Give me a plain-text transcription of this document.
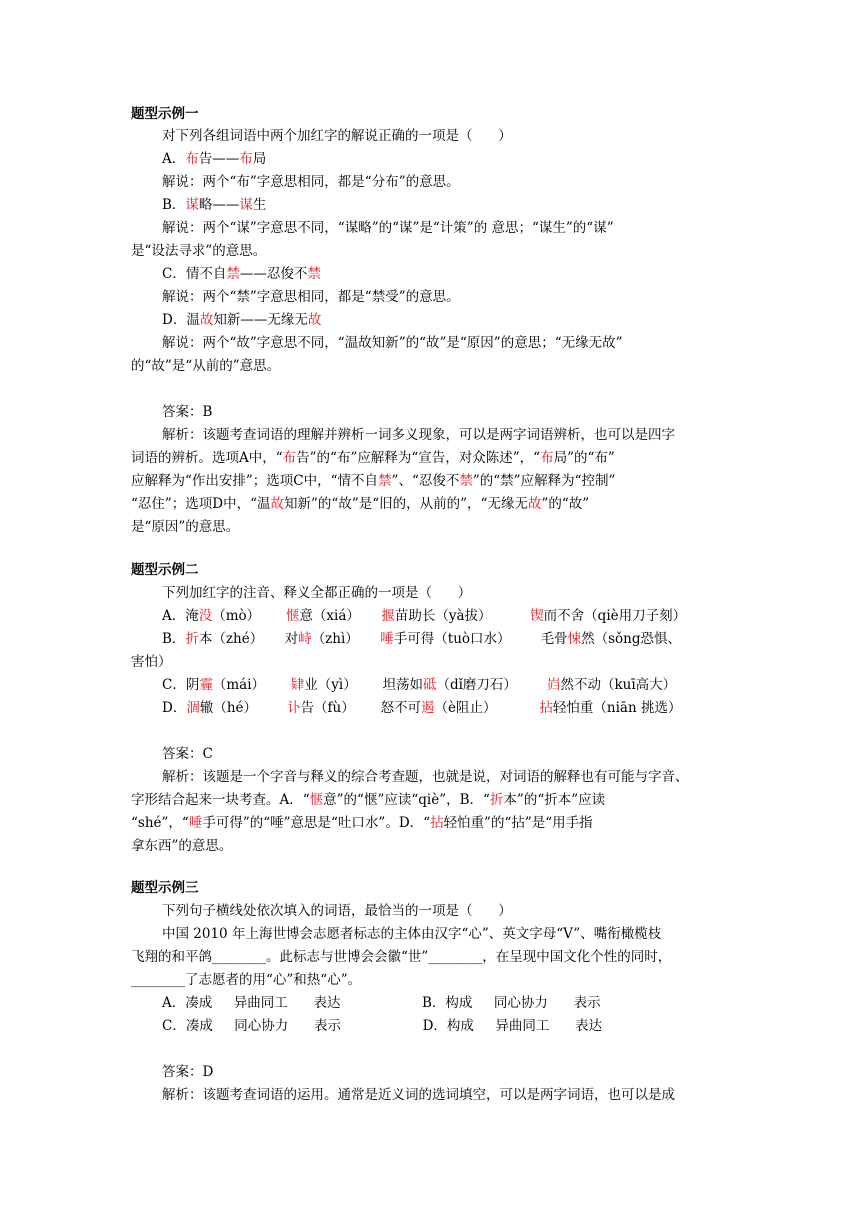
题型示例一
对下列各组词语中两个加红字的解说正确的一项是（      ）
A．布告——布局
解说：两个“布”字意思相同，都是“分布”的意思。
B．谋略——谋生
解说：两个“谋”字意思不同，“谋略”的“谋”是“计策”的 意思；“谋生”的“谋”
是“设法寻求”的意思。
C．情不自禁——忍俊不禁
解说：两个“禁”字意思相同，都是“禁受”的意思。
D．温故知新——无缘无故
解说：两个“故”字意思不同，“温故知新”的“故”是“原因”的意思；“无缘无故”
的“故”是“从前的”意思。
答案：B
解析：该题考查词语的理解并辨析一词多义现象，可以是两字词语辨析，也可以是四字
词语的辨析。选项A中，“布告”的“布”应解释为“宣告，对众陈述”，“布局”的“布”
应解释为“作出安排”；选项C中，“情不自禁”、“忍俊不禁”的“禁”应解释为“控制”
“忍住”；选项D中，“温故知新”的“故”是“旧的，从前的”，“无缘无故”的“故”
是“原因”的意思。
题型示例二
下列加红字的注音、释义全都正确的一项是（      ）
A．淹没（mò）      惬意（xiá）     揠苗助长（yà拔）         锲而不舍（qiè用刀子刻）
B．折本（zhé）     对峙（zhì）     唾手可得（tuò口水）       毛骨悚然（sǒng恐惧、
害怕）
C．阴霾（mái）      肄业（yì）      坦荡如砥（dǐ磨刀石）       岿然不动（kuī高大）
D．涸辙（hé）       讣告（fù）      怒不可遏（è阻止）          拈轻怕重（niān 挑选）
答案：C
解析：该题是一个字音与释义的综合考查题，也就是说，对词语的解释也有可能与字音、
字形结合起来一块考查。A．“惬意”的“惬”应读“qiè”，B．“折本”的“折本”应读
“shé”，“唾手可得”的“唾”意思是“吐口水”。D．“拈轻怕重”的“拈”是“用手指
拿东西”的意思。
题型示例三
下列句子横线处依次填入的词语，最恰当的一项是（      ）
中国 2010 年上海世博会志愿者标志的主体由汉字“心”、英文字母“V”、嘴衔橄榄枝
飞翔的和平鸽________。此标志与世博会会徽“世”________，在呈现中国文化个性的同时，
________了志愿者的用“心”和热“心”。
A．凑成     异曲同工      表达                   B．构成     同心协力      表示
C．凑成     同心协力      表示                   D．构成     异曲同工      表达
答案：D
解析：该题考查词语的运用。通常是近义词的选词填空，可以是两字词语，也可以是成
